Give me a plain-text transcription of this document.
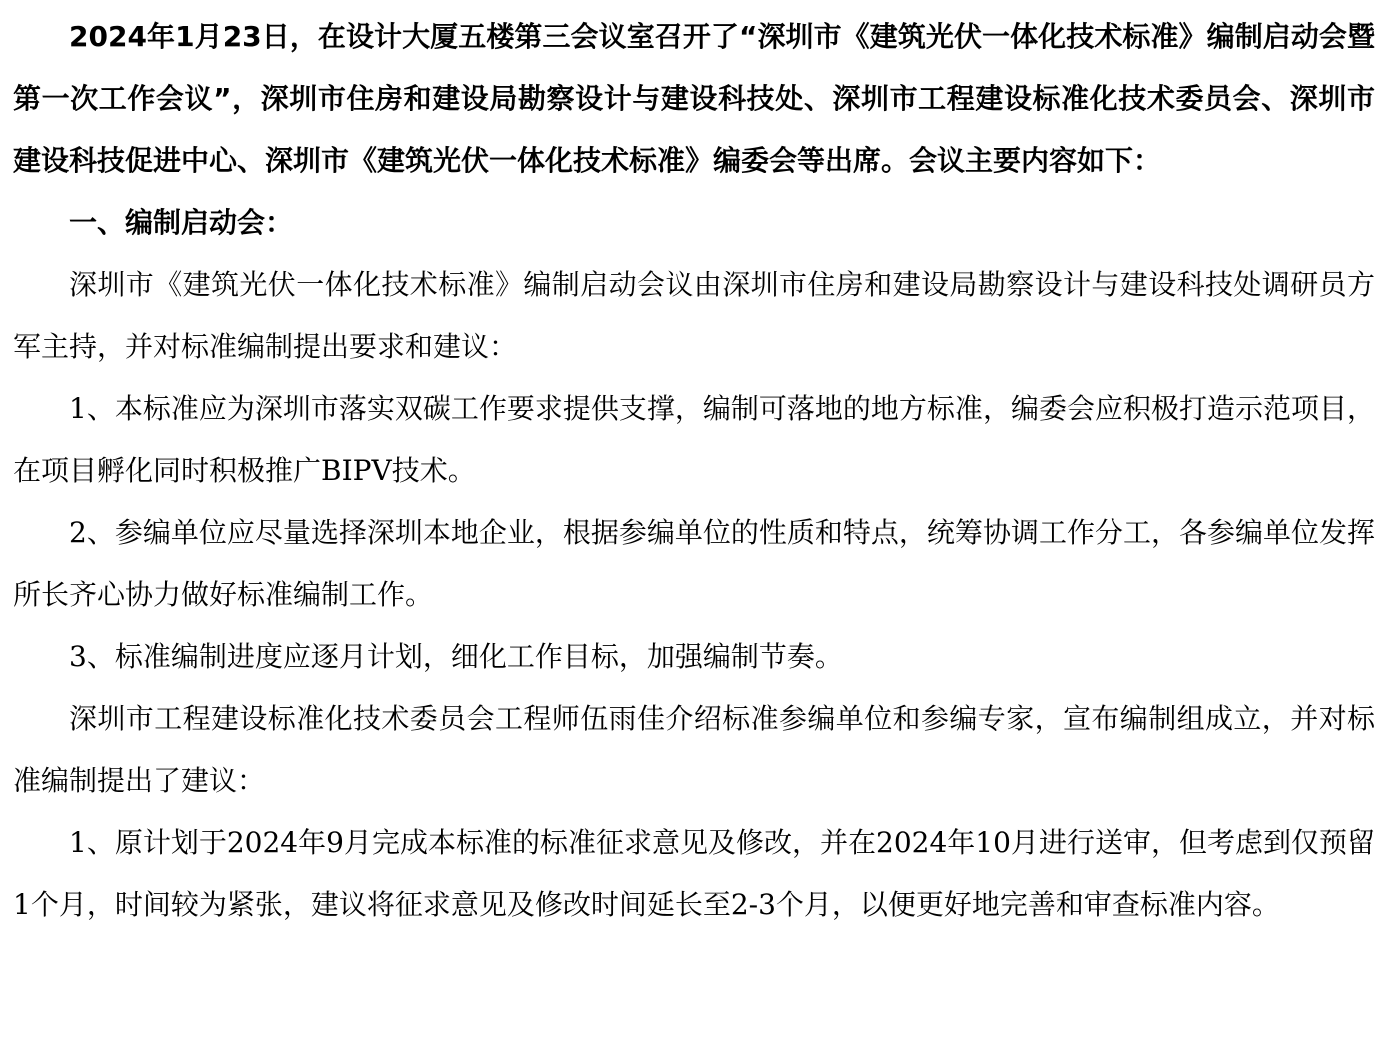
2024年1月23日，在设计大厦五楼第三会议室召开了“深圳市《建筑光伏一体化技术标准》编制启动会暨第一次工作会议”，深圳市住房和建设局勘察设计与建设科技处、深圳市工程建设标准化技术委员会、深圳市建设科技促进中心、深圳市《建筑光伏一体化技术标准》编委会等出席。会议主要内容如下：

一、编制启动会：

深圳市《建筑光伏一体化技术标准》编制启动会议由深圳市住房和建设局勘察设计与建设科技处调研员方军主持，并对标准编制提出要求和建议：

1、本标准应为深圳市落实双碳工作要求提供支撑，编制可落地的地方标准，编委会应积极打造示范项目，在项目孵化同时积极推广BIPV技术。

2、参编单位应尽量选择深圳本地企业，根据参编单位的性质和特点，统筹协调工作分工，各参编单位发挥所长齐心协力做好标准编制工作。

3、标准编制进度应逐月计划，细化工作目标，加强编制节奏。

深圳市工程建设标准化技术委员会工程师伍雨佳介绍标准参编单位和参编专家，宣布编制组成立，并对标准编制提出了建议：

1、原计划于2024年9月完成本标准的标准征求意见及修改，并在2024年10月进行送审，但考虑到仅预留1个月，时间较为紧张，建议将征求意见及修改时间延长至2-3个月，以便更好地完善和审查标准内容。
